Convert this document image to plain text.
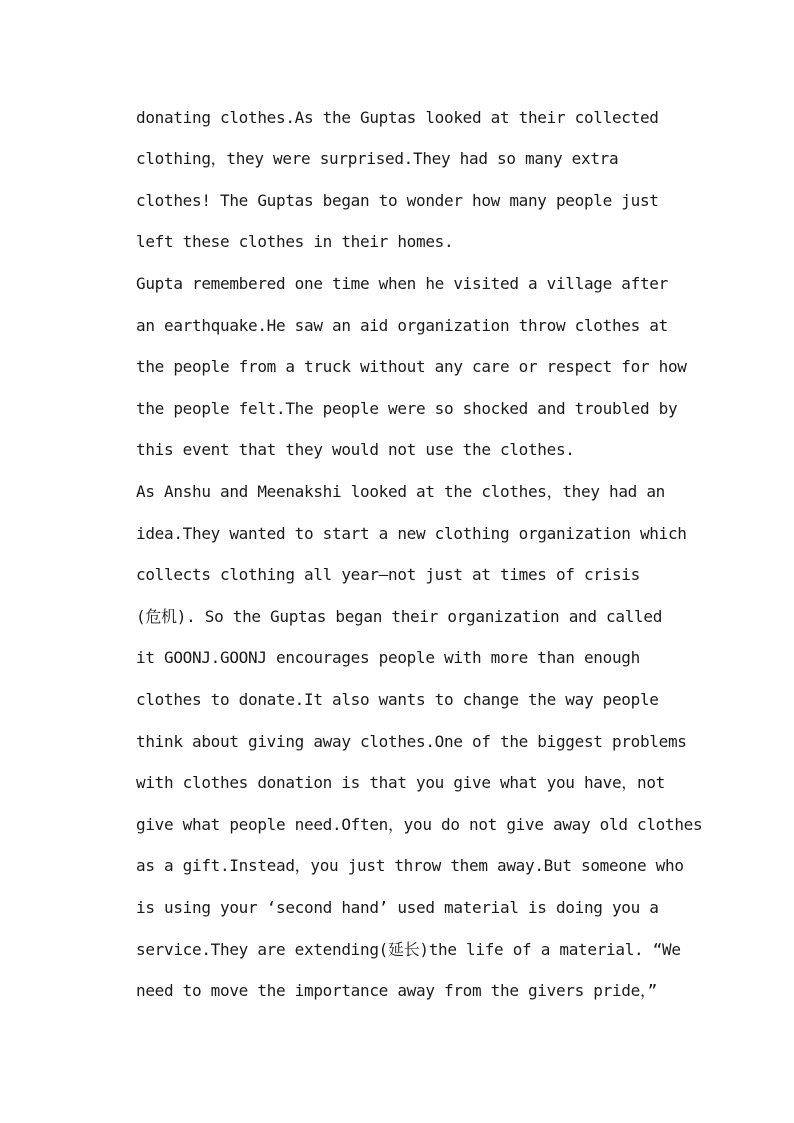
donating clothes.As the Guptas looked at their collected
clothing，they were surprised.They had so many extra
clothes! The Guptas began to wonder how many people just
left these clothes in their homes.
Gupta remembered one time when he visited a village after
an earthquake.He saw an aid organization throw clothes at
the people from a truck without any care or respect for how
the people felt.The people were so shocked and troubled by
this event that they would not use the clothes.
As Anshu and Meenakshi looked at the clothes，they had an
idea.They wanted to start a new clothing organization which
collects clothing all year—not just at times of crisis
(危机). So the Guptas began their organization and called
it GOONJ.GOONJ encourages people with more than enough
clothes to donate.It also wants to change the way people
think about giving away clothes.One of the biggest problems
with clothes donation is that you give what you have，not
give what people need.Often，you do not give away old clothes
as a gift.Instead，you just throw them away.But someone who
is using your ‘second hand’ used material is doing you a
service.They are extending(延长)the life of a material. “We
need to move the importance away from the givers pride，”
